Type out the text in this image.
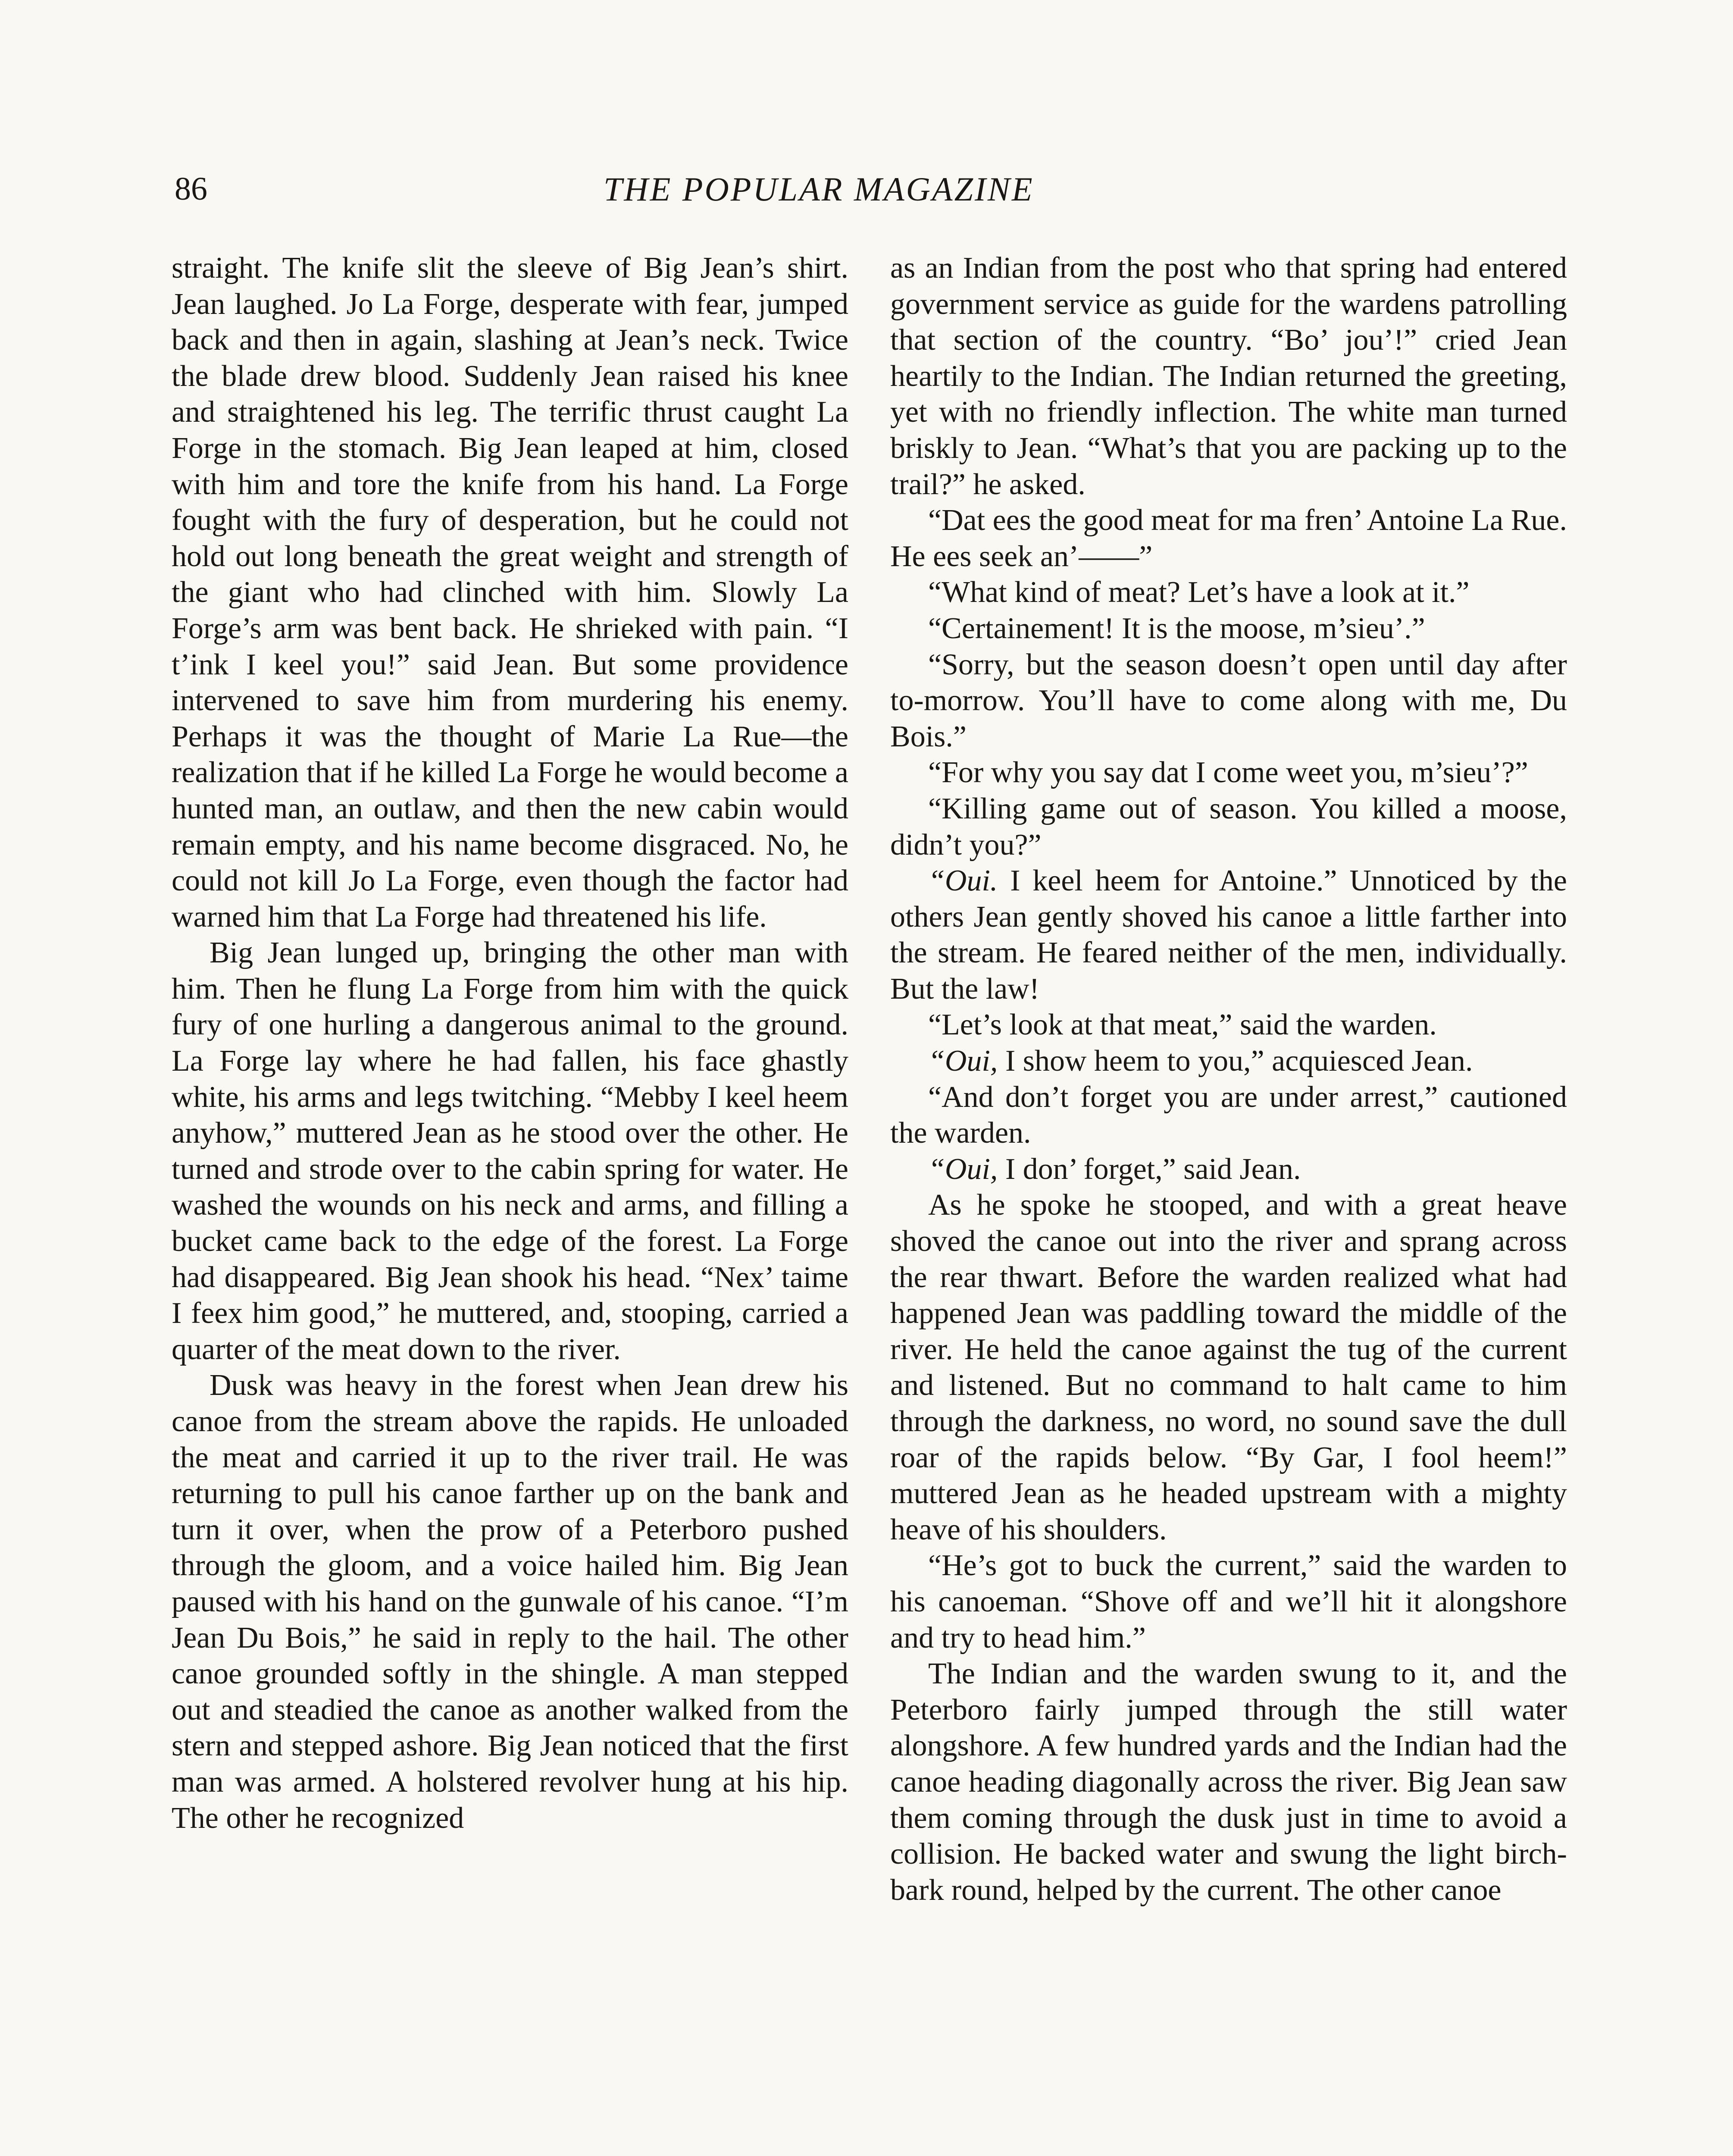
86	THE POPULAR MAGAZINE

straight. The knife slit the sleeve of Big Jean’s shirt. Jean laughed. Jo La Forge, desperate with fear, jumped back and then in again, slashing at Jean’s neck. Twice the blade drew blood. Suddenly Jean raised his knee and straightened his leg. The terrific thrust caught La Forge in the stomach. Big Jean leaped at him, closed with him and tore the knife from his hand. La Forge fought with the fury of desperation, but he could not hold out long beneath the great weight and strength of the giant who had clinched with him. Slowly La Forge’s arm was bent back. He shrieked with pain. “I t’ink I keel you!” said Jean. But some providence intervened to save him from murdering his enemy. Perhaps it was the thought of Marie La Rue—the realization that if he killed La Forge he would become a hunted man, an outlaw, and then the new cabin would remain empty, and his name become disgraced. No, he could not kill Jo La Forge, even though the factor had warned him that La Forge had threatened his life.

Big Jean lunged up, bringing the other man with him. Then he flung La Forge from him with the quick fury of one hurling a dangerous animal to the ground. La Forge lay where he had fallen, his face ghastly white, his arms and legs twitching. “Mebby I keel heem anyhow,” muttered Jean as he stood over the other. He turned and strode over to the cabin spring for water. He washed the wounds on his neck and arms, and filling a bucket came back to the edge of the forest. La Forge had disappeared. Big Jean shook his head. “Nex’ taime I feex him good,” he muttered, and, stooping, carried a quarter of the meat down to the river.

Dusk was heavy in the forest when Jean drew his canoe from the stream above the rapids. He unloaded the meat and carried it up to the river trail. He was returning to pull his canoe farther up on the bank and turn it over, when the prow of a Peterboro pushed through the gloom, and a voice hailed him. Big Jean paused with his hand on the gunwale of his canoe. “I’m Jean Du Bois,” he said in reply to the hail. The other canoe grounded softly in the shingle. A man stepped out and steadied the canoe as another walked from the stern and stepped ashore. Big Jean noticed that the first man was armed. A holstered revolver hung at his hip. The other he recognized

as an Indian from the post who that spring had entered government service as guide for the wardens patrolling that section of the country. “Bo’ jou’!” cried Jean heartily to the Indian. The Indian returned the greeting, yet with no friendly inflection. The white man turned briskly to Jean. “What’s that you are packing up to the trail?” he asked.

“Dat ees the good meat for ma fren’ Antoine La Rue. He ees seek an’——”

“What kind of meat? Let’s have a look at it.”

“Certainement! It is the moose, m’sieu’.”

“Sorry, but the season doesn’t open until day after to-morrow. You’ll have to come along with me, Du Bois.”

“For why you say dat I come weet you, m’sieu’?”

“Killing game out of season. You killed a moose, didn’t you?”

“Oui. I keel heem for Antoine.” Unnoticed by the others Jean gently shoved his canoe a little farther into the stream. He feared neither of the men, individually. But the law!

“Let’s look at that meat,” said the warden.

“Oui, I show heem to you,” acquiesced Jean.

“And don’t forget you are under arrest,” cautioned the warden.

“Oui, I don’ forget,” said Jean.

As he spoke he stooped, and with a great heave shoved the canoe out into the river and sprang across the rear thwart. Before the warden realized what had happened Jean was paddling toward the middle of the river. He held the canoe against the tug of the current and listened. But no command to halt came to him through the darkness, no word, no sound save the dull roar of the rapids below. “By Gar, I fool heem!” muttered Jean as he headed upstream with a mighty heave of his shoulders.

“He’s got to buck the current,” said the warden to his canoeman. “Shove off and we’ll hit it alongshore and try to head him.”

The Indian and the warden swung to it, and the Peterboro fairly jumped through the still water alongshore. A few hundred yards and the Indian had the canoe heading diagonally across the river. Big Jean saw them coming through the dusk just in time to avoid a collision. He backed water and swung the light birch-bark round, helped by the current. The other canoe
